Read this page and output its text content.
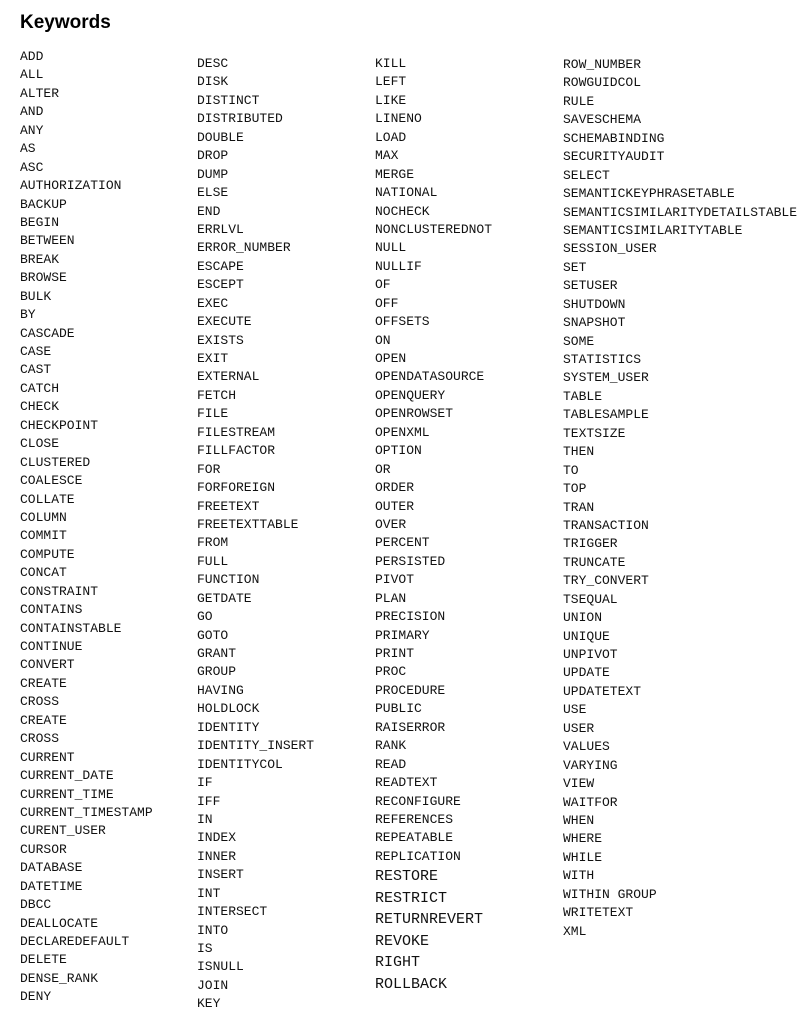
Keywords
ADD
ALL
ALTER
AND
ANY
AS
ASC
AUTHORIZATION
BACKUP
BEGIN
BETWEEN
BREAK
BROWSE
BULK
BY
CASCADE
CASE
CAST
CATCH
CHECK
CHECKPOINT
CLOSE
CLUSTERED
COALESCE
COLLATE
COLUMN
COMMIT
COMPUTE
CONCAT
CONSTRAINT
CONTAINS
CONTAINSTABLE
CONTINUE
CONVERT
CREATE
CROSS
CREATE
CROSS
CURRENT
CURRENT_DATE
CURRENT_TIME
CURRENT_TIMESTAMP
CURENT_USER
CURSOR
DATABASE
DATETIME
DBCC
DEALLOCATE
DECLAREDEFAULT
DELETE
DENSE_RANK
DENY
DESC
DISK
DISTINCT
DISTRIBUTED
DOUBLE
DROP
DUMP
ELSE
END
ERRLVL
ERROR_NUMBER
ESCAPE
ESCEPT
EXEC
EXECUTE
EXISTS
EXIT
EXTERNAL
FETCH
FILE
FILESTREAM
FILLFACTOR
FOR
FORFOREIGN
FREETEXT
FREETEXTTABLE
FROM
FULL
FUNCTION
GETDATE
GO
GOTO
GRANT
GROUP
HAVING
HOLDLOCK
IDENTITY
IDENTITY_INSERT
IDENTITYCOL
IF
IFF
IN
INDEX
INNER
INSERT
INT
INTERSECT
INTO
IS
ISNULL
JOIN
KEY
KILL
LEFT
LIKE
LINENO
LOAD
MAX
MERGE
NATIONAL
NOCHECK
NONCLUSTEREDNOT
NULL
NULLIF
OF
OFF
OFFSETS
ON
OPEN
OPENDATASOURCE
OPENQUERY
OPENROWSET
OPENXML
OPTION
OR
ORDER
OUTER
OVER
PERCENT
PERSISTED
PIVOT
PLAN
PRECISION
PRIMARY
PRINT
PROC
PROCEDURE
PUBLIC
RAISERROR
RANK
READ
READTEXT
RECONFIGURE
REFERENCES
REPEATABLE
REPLICATION
RESTORE
RESTRICT
RETURNREVERT
REVOKE
RIGHT
ROLLBACK
ROW_NUMBER
ROWGUIDCOL
RULE
SAVESCHEMA
SCHEMABINDING
SECURITYAUDIT
SELECT
SEMANTICKEYPHRASETABLE
SEMANTICSIMILARITYDETAILSTABLE
SEMANTICSIMILARITYTABLE
SESSION_USER
SET
SETUSER
SHUTDOWN
SNAPSHOT
SOME
STATISTICS
SYSTEM_USER
TABLE
TABLESAMPLE
TEXTSIZE
THEN
TO
TOP
TRAN
TRANSACTION
TRIGGER
TRUNCATE
TRY_CONVERT
TSEQUAL
UNION
UNIQUE
UNPIVOT
UPDATE
UPDATETEXT
USE
USER
VALUES
VARYING
VIEW
WAITFOR
WHEN
WHERE
WHILE
WITH
WITHIN GROUP
WRITETEXT
XML
